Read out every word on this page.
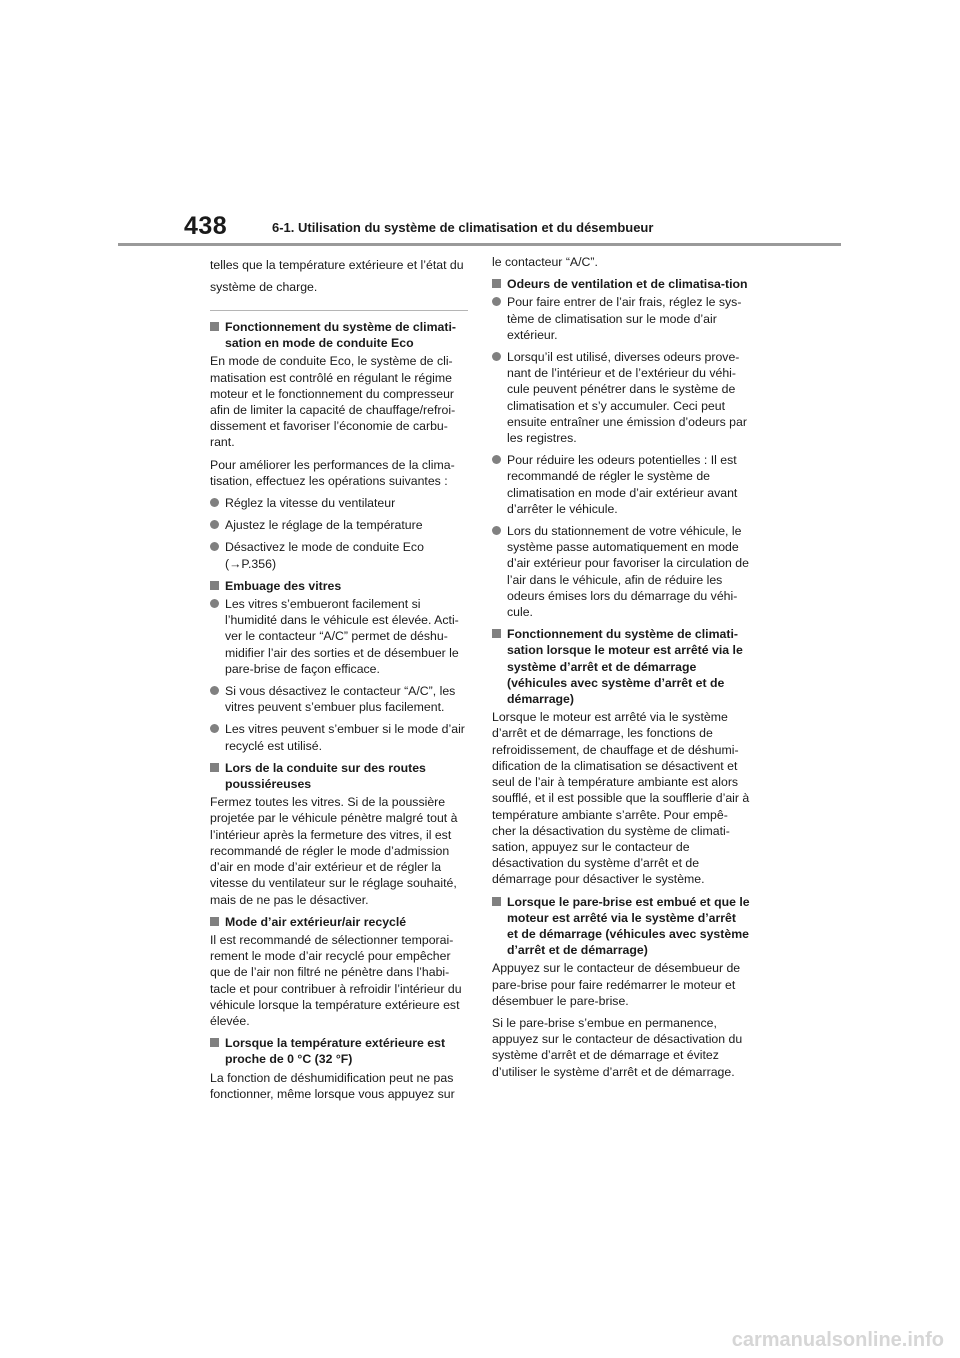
438	6-1. Utilisation du système de climatisation et du désembueur

telles que la température extérieure et l’état du système de charge.

Fonctionnement du système de climati-sation en mode de conduite Eco

En mode de conduite Eco, le système de cli-matisation est contrôlé en régulant le régime moteur et le fonctionnement du compresseur afin de limiter la capacité de chauffage/refroi-dissement et favoriser l’économie de carbu-rant.

Pour améliorer les performances de la clima-tisation, effectuez les opérations suivantes :

Réglez la vitesse du ventilateur
Ajustez le réglage de la température
Désactivez le mode de conduite Eco (→P.356)
Embuage des vitres
Les vitres s’embueront facilement si l’humidité dans le véhicule est élevée. Acti-ver le contacteur “A/C” permet de déshu-midifier l’air des sorties et de désembuer le pare-brise de façon efficace.
Si vous désactivez le contacteur “A/C”, les vitres peuvent s’embuer plus facilement.
Les vitres peuvent s’embuer si le mode d’air recyclé est utilisé.
Lors de la conduite sur des routes poussiéreuses

Fermez toutes les vitres. Si de la poussière projetée par le véhicule pénètre malgré tout à l’intérieur après la fermeture des vitres, il est recommandé de régler le mode d’admission d’air en mode d’air extérieur et de régler la vitesse du ventilateur sur le réglage souhaité, mais de ne pas le désactiver.

Mode d’air extérieur/air recyclé

Il est recommandé de sélectionner temporai-rement le mode d’air recyclé pour empêcher que de l’air non filtré ne pénètre dans l’habi-tacle et pour contribuer à refroidir l’intérieur du véhicule lorsque la température extérieure est élevée.

Lorsque la température extérieure est proche de 0 °C (32 °F)

La fonction de déshumidification peut ne pas fonctionner, même lorsque vous appuyez sur

le contacteur “A/C”.

Odeurs de ventilation et de climatisa-tion
Pour faire entrer de l’air frais, réglez le sys-tème de climatisation sur le mode d’air extérieur.
Lorsqu’il est utilisé, diverses odeurs prove-nant de l’intérieur et de l’extérieur du véhi-cule peuvent pénétrer dans le système de climatisation et s’y accumuler. Ceci peut ensuite entraîner une émission d’odeurs par les registres.
Pour réduire les odeurs potentielles : Il est recommandé de régler le système de climatisation en mode d’air extérieur avant d’arrêter le véhicule.
Lors du stationnement de votre véhicule, le système passe automatiquement en mode d’air extérieur pour favoriser la circulation de l’air dans le véhicule, afin de réduire les odeurs émises lors du démarrage du véhi-cule.
Fonctionnement du système de climati-sation lorsque le moteur est arrêté via le système d’arrêt et de démarrage (véhicules avec système d’arrêt et de démarrage)

Lorsque le moteur est arrêté via le système d’arrêt et de démarrage, les fonctions de refroidissement, de chauffage et de déshumi-dification de la climatisation se désactivent et seul de l’air à température ambiante est alors soufflé, et il est possible que la soufflerie d’air à température ambiante s’arrête. Pour empê-cher la désactivation du système de climati-sation, appuyez sur le contacteur de désactivation du système d’arrêt et de démarrage pour désactiver le système.

Lorsque le pare-brise est embué et que le moteur est arrêté via le système d’arrêt et de démarrage (véhicules avec système d’arrêt et de démarrage)

Appuyez sur le contacteur de désembueur de pare-brise pour faire redémarrer le moteur et désembuer le pare-brise.

Si le pare-brise s’embue en permanence, appuyez sur le contacteur de désactivation du système d’arrêt et de démarrage et évitez d’utiliser le système d’arrêt et de démarrage.

carmanualsonline.info
